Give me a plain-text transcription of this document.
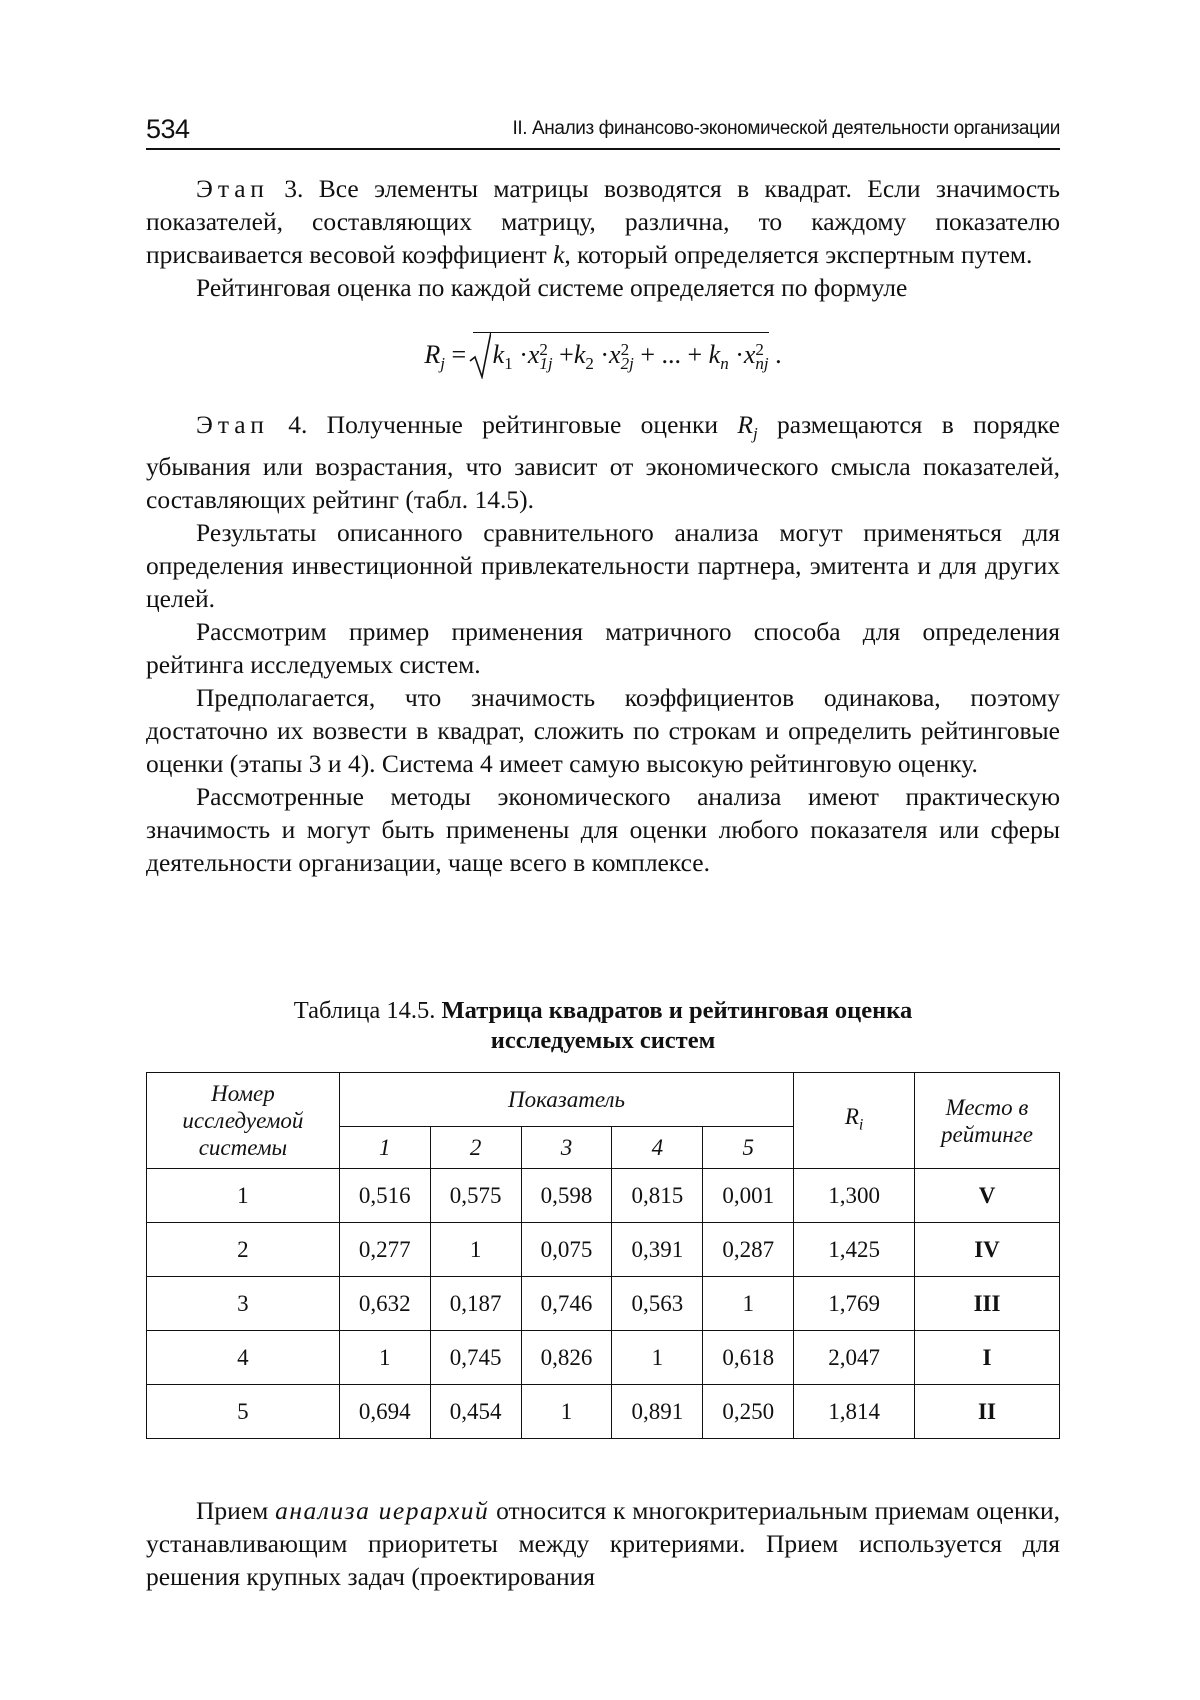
534	II. Анализ финансово-экономической деятельности организации

Этап 3. Все элементы матрицы возводятся в квадрат. Если значимость показателей, составляющих матрицу, различна, то каждому показателю присваивается весовой коэффициент k, который определяется экспертным путем.

Рейтинговая оценка по каждой системе определяется по формуле

$R_j = k_1 \cdot x$ 2
$1j +k_2 \cdot x$ 2
2j + ... + $k_n \cdot x$ 2
nj .

Этап 4. Полученные рейтинговые оценки $R_j$ размещаются в порядке убывания или возрастания, что зависит от экономического смысла показателей, составляющих рейтинг (табл. 14.5).

Результаты описанного сравнительного анализа могут применяться для определения инвестиционной привлекательности партнера, эмитента и для других целей.

Рассмотрим пример применения матричного способа для определения рейтинга исследуемых систем.

Предполагается, что значимость коэффициентов одинакова, поэтому достаточно их возвести в квадрат, сложить по строкам и определить рейтинговые оценки (этапы 3 и 4). Система 4 имеет самую высокую рейтинговую оценку.

Рассмотренные методы экономического анализа имеют практическую значимость и могут быть применены для оценки любого показателя или сферы деятельности организации, чаще всего в комплексе.

Таблица 14.5. Матрица квадратов и рейтинговая оценка
исследуемых систем
Номер исследуемой системы	Показатель					$R_i$	Место в рейтинге
	1	2	3	4	5		
1	0,516	0,575	0,598	0,815	0,001	1,300	V
2	0,277	1	0,075	0,391	0,287	1,425	IV
3	0,632	0,187	0,746	0,563	1	1,769	III
4	1	0,745	0,826	1	0,618	2,047	I
5	0,694	0,454	1	0,891	0,250	1,814	II

Прием анализа иерархий относится к многокритериальным приемам оценки, устанавливающим приоритеты между критериями. Прием используется для решения крупных задач (проектирования
